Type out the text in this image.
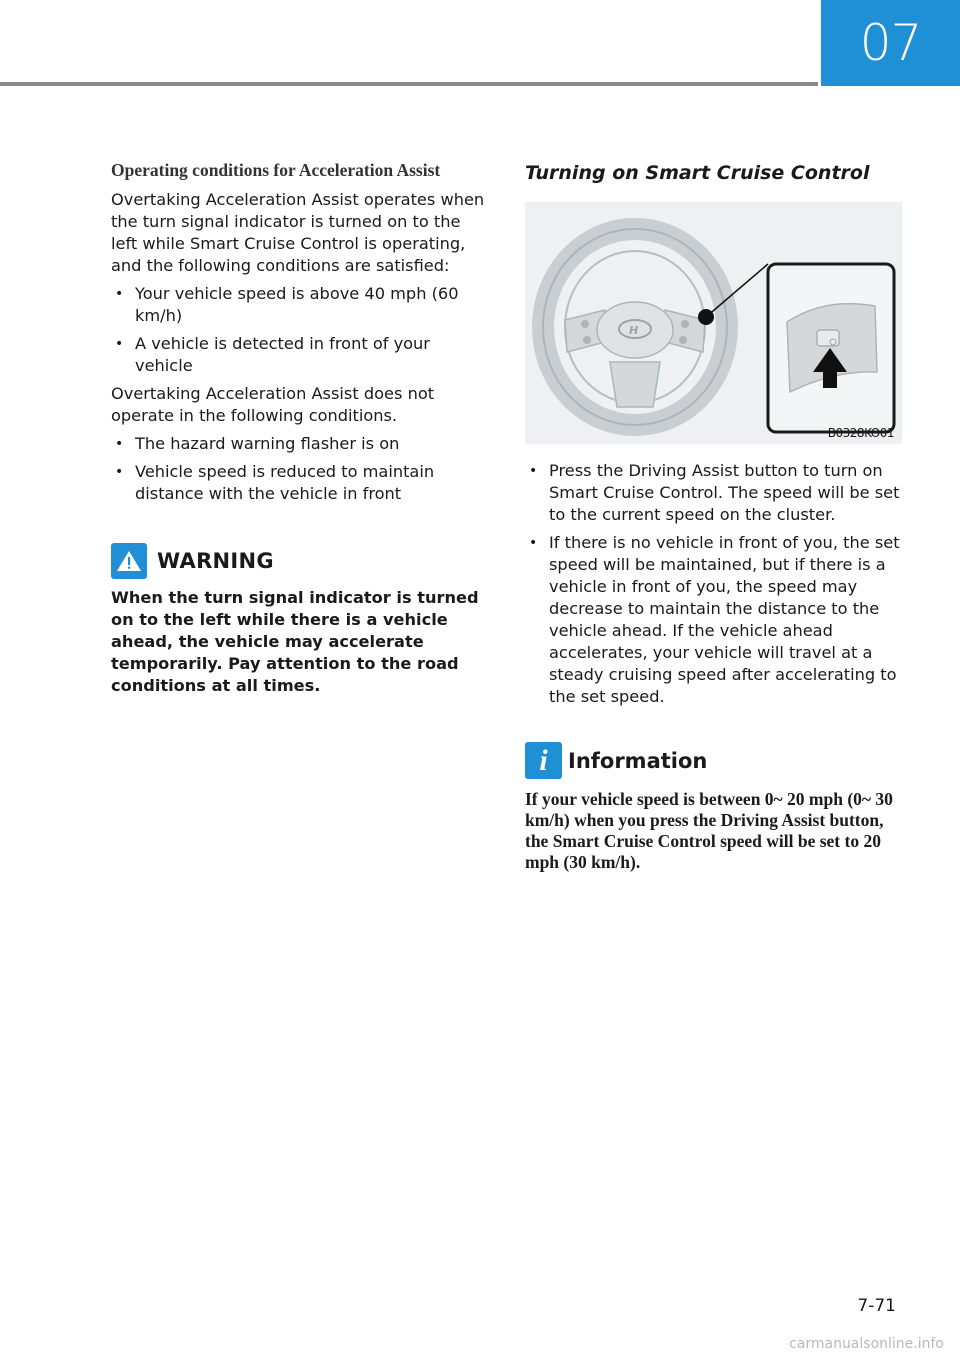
07

Operating conditions for Acceleration Assist

Overtaking Acceleration Assist operates when the turn signal indicator is turned on to the left while Smart Cruise Control is operating, and the following conditions are satisfied:

• Your vehicle speed is above 40 mph (60 km/h)
• A vehicle is detected in front of your vehicle

Overtaking Acceleration Assist does not operate in the following conditions.

• The hazard warning flasher is on
• Vehicle speed is reduced to maintain distance with the vehicle in front
WARNING

When the turn signal indicator is turned on to the left while there is a vehicle ahead, the vehicle may accelerate temporarily. Pay attention to the road conditions at all times.

Turning on Smart Cruise Control
H
B0328KO01
• Press the Driving Assist button to turn on Smart Cruise Control. The speed will be set to the current speed on the cluster.
• If there is no vehicle in front of you, the set speed will be maintained, but if there is a vehicle in front of you, the speed may decrease to maintain the distance to the vehicle ahead. If the vehicle ahead accelerates, your vehicle will travel at a steady cruising speed after accelerating to the set speed.
i Information

If your vehicle speed is between 0~ 20 mph (0~ 30 km/h) when you press the Driving Assist button, the Smart Cruise Control speed will be set to 20 mph (30 km/h).

7-71
carmanualsonline.info
